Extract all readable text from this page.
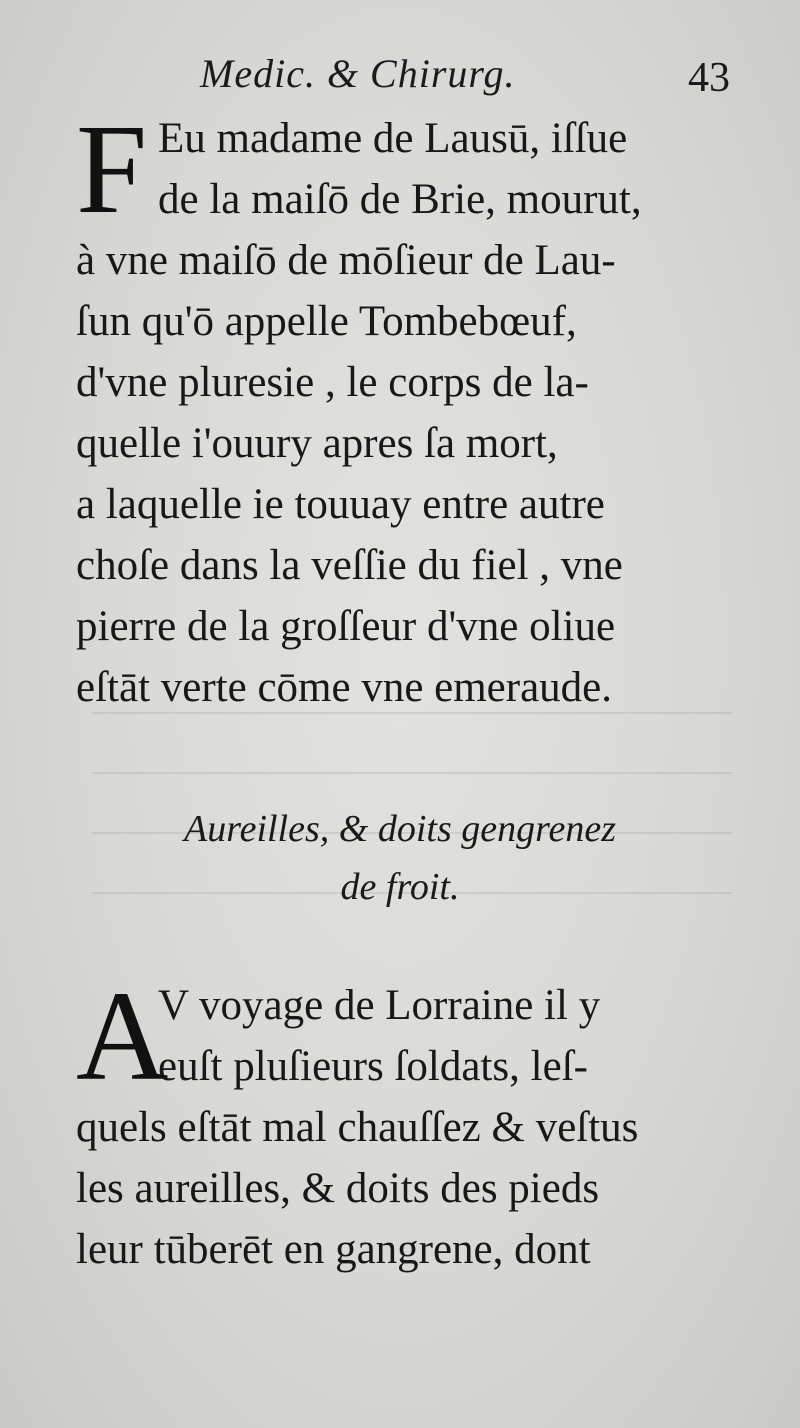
Medic. & Chirurg.	43
F Eu madame de Lausū, iſſue
de la maiſō de Brie, mourut,
à vne maiſō de mōſieur de Lau-
ſun qu'ō appelle Tombebœuf,
d'vne pluresie , le corps de la-
quelle i'ouury apres ſa mort,
a laquelle ie touuay entre autre
choſe dans la veſſie du fiel , vne
pierre de la groſſeur d'vne oliue
eſtāt verte cōme vne emeraude.
Aureilles, & doits gengrenez
de froit.
A
V voyage de Lorraine il y
euſt pluſieurs ſoldats, leſ-
quels eſtāt mal chauſſez & veſtus
les aureilles, & doits des pieds
leur tūberēt en gangrene, dont
